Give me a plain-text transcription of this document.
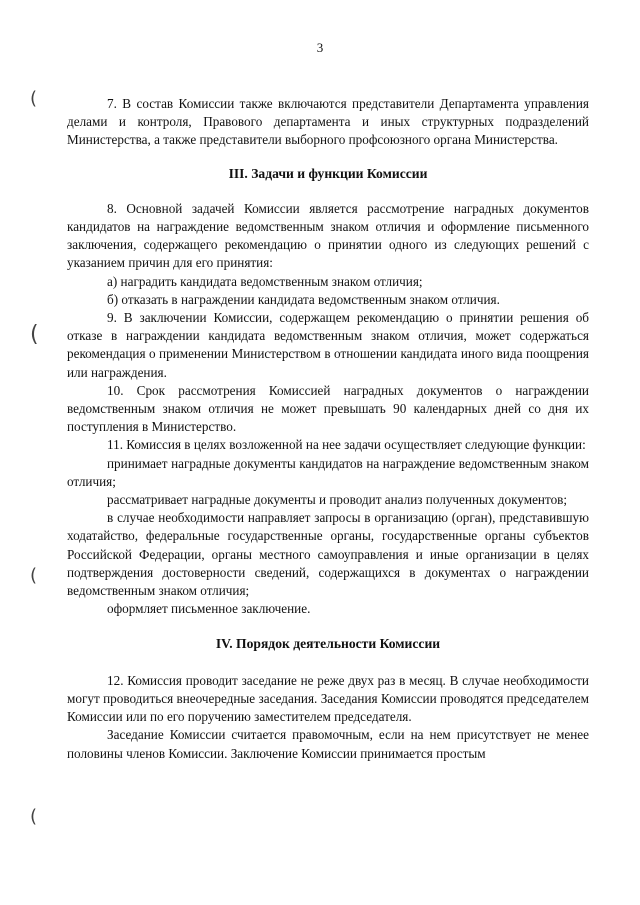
3
(
(
(
(

7. В состав Комиссии также включаются представители Департамента управления делами и контроля, Правового департамента и иных структурных подразделений Министерства, а также представители выборного профсоюзного органа Министерства.

III. Задачи и функции Комиссии

8. Основной задачей Комиссии является рассмотрение наградных документов кандидатов на награждение ведомственным знаком отличия и оформление письменного заключения, содержащего рекомендацию о принятии одного из следующих решений с указанием причин для его принятия:

а) наградить кандидата ведомственным знаком отличия;

б) отказать в награждении кандидата ведомственным знаком отличия.

9. В заключении Комиссии, содержащем рекомендацию о принятии решения об отказе в награждении кандидата ведомственным знаком отличия, может содержаться рекомендация о применении Министерством в отношении кандидата иного вида поощрения или награждения.

10. Срок рассмотрения Комиссией наградных документов о награждении ведомственным знаком отличия не может превышать 90 календарных дней со дня их поступления в Министерство.

11. Комиссия в целях возложенной на нее задачи осуществляет следующие функции:

принимает наградные документы кандидатов на награждение ведомственным знаком отличия;

рассматривает наградные документы и проводит анализ полученных документов;

в случае необходимости направляет запросы в организацию (орган), представившую ходатайство, федеральные государственные органы, государственные органы субъектов Российской Федерации, органы местного самоуправления и иные организации в целях подтверждения достоверности сведений, содержащихся в документах о награждении ведомственным знаком отличия;

оформляет письменное заключение.

IV. Порядок деятельности Комиссии

12. Комиссия проводит заседание не реже двух раз в месяц. В случае необходимости могут проводиться внеочередные заседания. Заседания Комиссии проводятся председателем Комиссии или по его поручению заместителем председателя.

Заседание Комиссии считается правомочным, если на нем присутствует не менее половины членов Комиссии. Заключение Комиссии принимается простым
